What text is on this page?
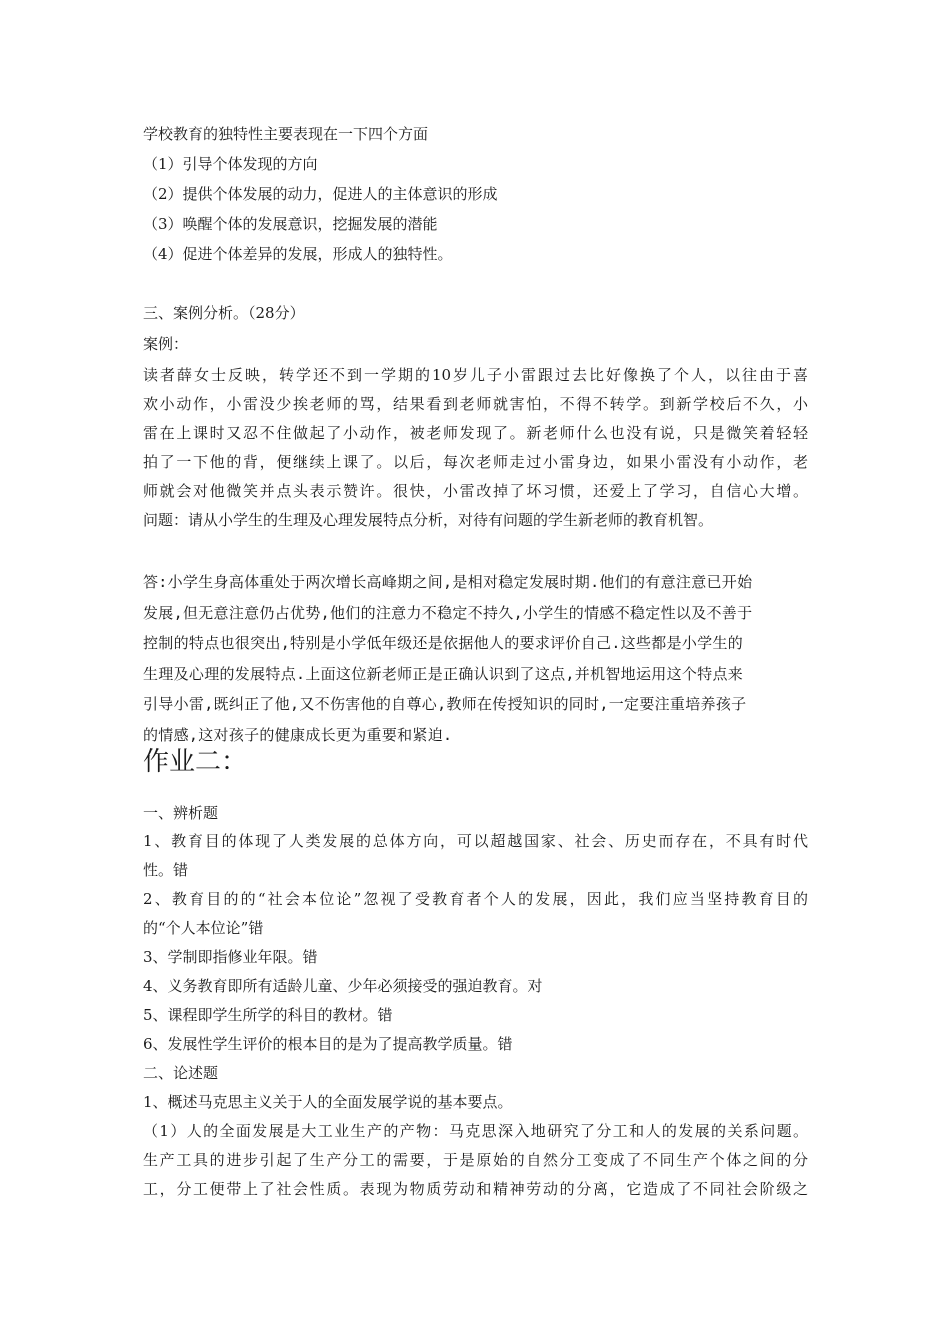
学校教育的独特性主要表现在一下四个方面
（1）引导个体发现的方向
（2）提供个体发展的动力，促进人的主体意识的形成
（3）唤醒个体的发展意识，挖掘发展的潜能
（4）促进个体差异的发展，形成人的独特性。
三、案例分析。（28分）
案例：
读者薛女士反映，转学还不到一学期的10岁儿子小雷跟过去比好像换了个人，以往由于喜
欢小动作，小雷没少挨老师的骂，结果看到老师就害怕，不得不转学。到新学校后不久，小
雷在上课时又忍不住做起了小动作，被老师发现了。新老师什么也没有说，只是微笑着轻轻
拍了一下他的背，便继续上课了。以后，每次老师走过小雷身边，如果小雷没有小动作，老
师就会对他微笑并点头表示赞许。很快，小雷改掉了坏习惯，还爱上了学习，自信心大增。
问题：请从小学生的生理及心理发展特点分析，对待有问题的学生新老师的教育机智。
答:小学生身高体重处于两次增长高峰期之间,是相对稳定发展时期.他们的有意注意已开始
发展,但无意注意仍占优势,他们的注意力不稳定不持久,小学生的情感不稳定性以及不善于
控制的特点也很突出,特别是小学低年级还是依据他人的要求评价自己.这些都是小学生的
生理及心理的发展特点.上面这位新老师正是正确认识到了这点,并机智地运用这个特点来
引导小雷,既纠正了他,又不伤害他的自尊心,教师在传授知识的同时,一定要注重培养孩子
的情感,这对孩子的健康成长更为重要和紧迫.
作业二：
一、辨析题
1、教育目的体现了人类发展的总体方向，可以超越国家、社会、历史而存在，不具有时代
性。错
2、教育目的的“社会本位论”忽视了受教育者个人的发展，因此，我们应当坚持教育目的
的“个人本位论”错
3、学制即指修业年限。错
4、义务教育即所有适龄儿童、少年必须接受的强迫教育。对
5、课程即学生所学的科目的教材。错
6、发展性学生评价的根本目的是为了提高教学质量。错
二、论述题
1、概述马克思主义关于人的全面发展学说的基本要点。
（1）人的全面发展是大工业生产的产物：马克思深入地研究了分工和人的发展的关系问题。
生产工具的进步引起了生产分工的需要，于是原始的自然分工变成了不同生产个体之间的分
工，分工便带上了社会性质。表现为物质劳动和精神劳动的分离，它造成了不同社会阶级之
